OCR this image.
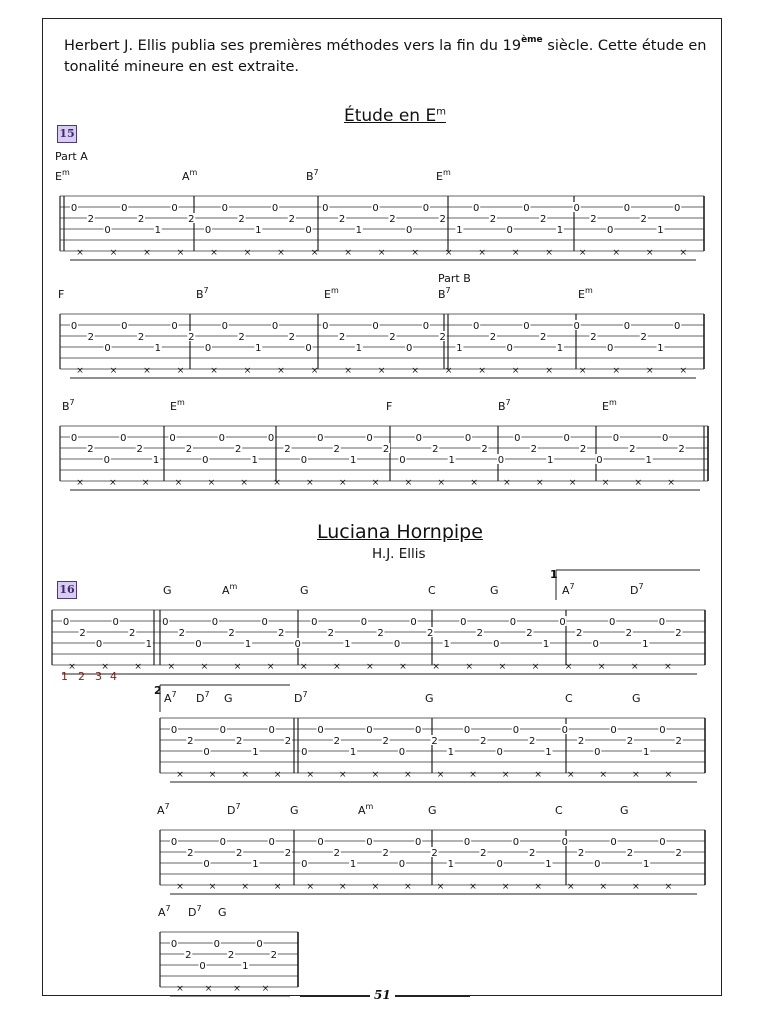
Herbert J. Ellis publia ses premières méthodes vers la fin du 19ème siècle. Cette étude en
tonalité mineure en est extraite.
Étude en $E^m$
15
Part A
Part B
Luciana Hornpipe
H.J. Ellis
16
1 2 3 4
1
2
51
0
×
2
0
×
0
2
×
1
0
×
2
0
×
0
2
×
1
0
×
2
0
×
0
2
×
1
0
×
2
0
×
0
2
×
1
0
×
2
0
×
0
2
×
1
0
×
2
0
×
0
2
×
1
0
×
$E^m$	$A^m$	$B^7$	$E^m$
0
×
2
0
×
0
2
×
1
0
×
2
0
×
0
2
×
1
0
×
2
0
×
0
2
×
1
0
×
2
0
×
0
2
×
1
0
×
2
0
×
0
2
×
1
0
×
2
0
×
0
2
×
1
0
×
F	$B^7$	$E^m$	$B^7$	$E^m$
0
×
2
0
×
0
2
×
1
0
×
2
0
×
0
2
×
1
0
×
2
0
×
0
2
×
1
0
×
2
0
×
0
2
×
1
0
×
2
0
×
0
2
×
1
0
×
2
0
×
0
2
×
1
0
×
2
$B^7$	$E^m$	F	$B^7$	$E^m$
0
×
2
0
×
0
2
×
1
0
×
2
0
×
0
2
×
1
0
×
2
0
×
0
2
×
1
0
×
2
0
×
0
2
×
1
0
×
2
0
×
0
2
×
1
0
×
2
0
×
0
2
×
1
0
×
2
G	$A^m$	G	C	G	$A^7$	$D^7$
0
×
2
0
×
0
2
×
1
0
×
2
0
×
0
2
×
1
0
×
2
0
×
0
2
×
1
0
×
2
0
×
0
2
×
1
0
×
2
0
×
0
2
×
1
0
×
2
$A^7$ $D^7$ G	$D^7$	G	C	G
0
×
2
0
×
0
2
×
1
0
×
2
0
×
0
2
×
1
0
×
2
0
×
0
2
×
1
0
×
2
0
×
0
2
×
1
0
×
2
0
×
0
2
×
1
0
×
2
$A^7$	$D^7$	G	$A^m$	G	C	G
0
×
2
0
×
0
2
×
1
0
×
2
$A^7$ $D^7$ G
